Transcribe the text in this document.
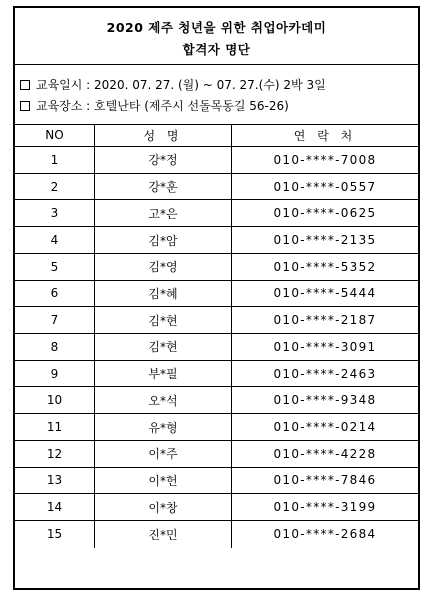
2020 제주 청년을 위한 취업아카데미
합격자 명단
교육일시 : 2020. 07. 27. (월) ~ 07. 27.(수) 2박 3일
교육장소 : 호텔난타 (제주시 선돌목동길 56-26)
NO	성 명	연 락 처
1	강*정	010-****-7008
2	강*훈	010-****-0557
3	고*은	010-****-0625
4	김*암	010-****-2135
5	김*영	010-****-5352
6	김*혜	010-****-5444
7	김*현	010-****-2187
8	김*현	010-****-3091
9	부*필	010-****-2463
10	오*석	010-****-9348
11	유*형	010-****-0214
12	이*주	010-****-4228
13	이*헌	010-****-7846
14	이*창	010-****-3199
15	진*민	010-****-2684
